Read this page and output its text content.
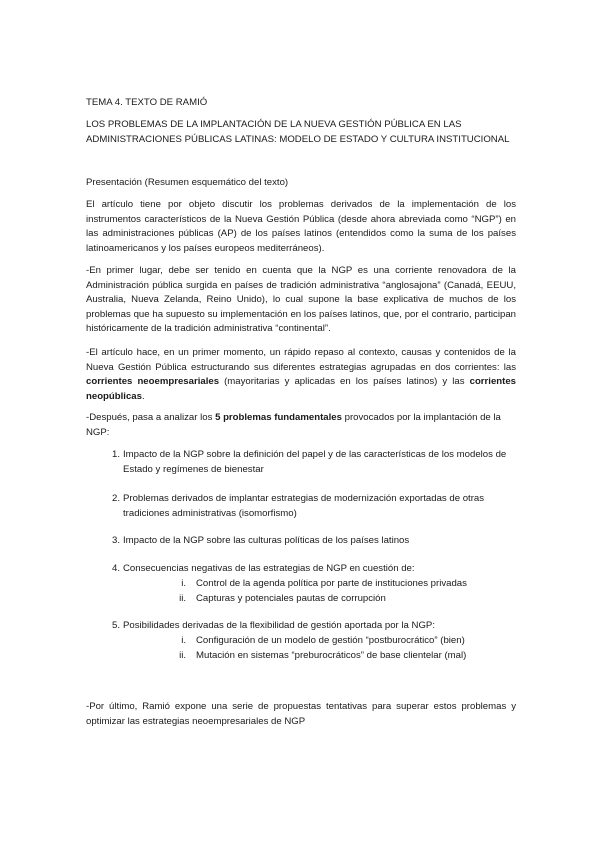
TEMA 4. TEXTO DE RAMIÓ

LOS PROBLEMAS DE LA IMPLANTACIÓN DE LA NUEVA GESTIÓN PÚBLICA EN LAS ADMINISTRACIONES PÚBLICAS LATINAS: MODELO DE ESTADO Y CULTURA INSTITUCIONAL

Presentación (Resumen esquemático del texto)

El artículo tiene por objeto discutir los problemas derivados de la implementación de los instrumentos característicos de la Nueva Gestión Pública (desde ahora abreviada como “NGP”) en las administraciones públicas (AP) de los países latinos (entendidos como la suma de los países latinoamericanos y los países europeos mediterráneos).

-En primer lugar, debe ser tenido en cuenta que la NGP es una corriente renovadora de la Administración pública surgida en países de tradición administrativa “anglosajona” (Canadá, EEUU, Australia, Nueva Zelanda, Reino Unido), lo cual supone la base explicativa de muchos de los problemas que ha supuesto su implementación en los países latinos, que, por el contrario, participan históricamente de la tradición administrativa “continental”.

-El artículo hace, en un primer momento, un rápido repaso al contexto, causas y contenidos de la Nueva Gestión Pública estructurando sus diferentes estrategias agrupadas en dos corrientes: las corrientes neoempresariales (mayoritarias y aplicadas en los países latinos) y las corrientes neopúblicas.

-Después, pasa a analizar los 5 problemas fundamentales provocados por la implantación de la NGP:

1. Impacto de la NGP sobre la definición del papel y de las características de los modelos de Estado y regímenes de bienestar
2. Problemas derivados de implantar estrategias de modernización exportadas de otras tradiciones administrativas (isomorfismo)
3. Impacto de la NGP sobre las culturas políticas de los países latinos
4. Consecuencias negativas de las estrategias de NGP en cuestión de:
i. Control de la agenda política por parte de instituciones privadas
ii. Capturas y potenciales pautas de corrupción
5. Posibilidades derivadas de la flexibilidad de gestión aportada por la NGP:
i. Configuración de un modelo de gestión “postburocrático” (bien)
ii. Mutación en sistemas “preburocráticos” de base clientelar (mal)

-Por último, Ramió expone una serie de propuestas tentativas para superar estos problemas y optimizar las estrategias neoempresariales de NGP
